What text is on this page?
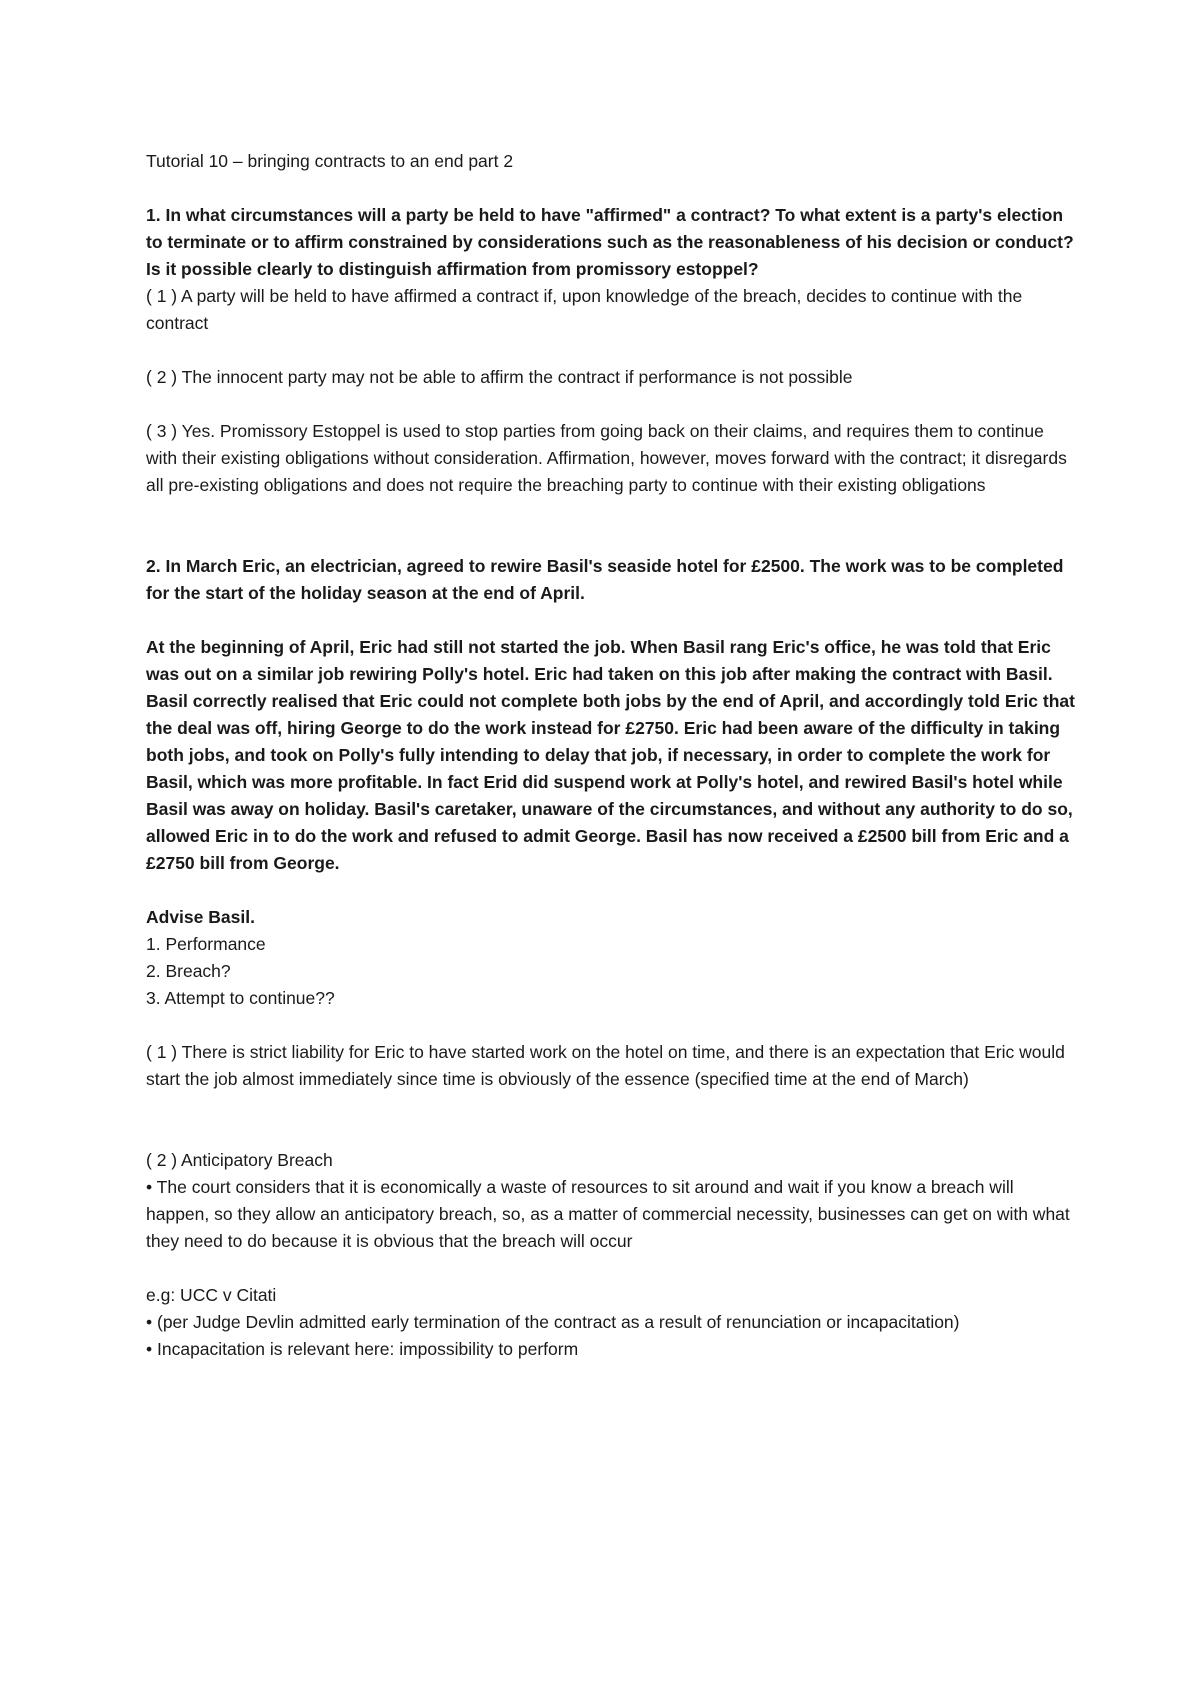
Tutorial 10 – bringing contracts to an end part 2

1. In what circumstances will a party be held to have "affirmed" a contract? To what extent is a party's election to terminate or to affirm constrained by considerations such as the reasonableness of his decision or conduct? Is it possible clearly to distinguish affirmation from promissory estoppel?

( 1 ) A party will be held to have affirmed a contract if, upon knowledge of the breach, decides to continue with the contract

( 2 ) The innocent party may not be able to affirm the contract if performance is not possible

( 3 ) Yes. Promissory Estoppel is used to stop parties from going back on their claims, and requires them to continue with their existing obligations without consideration. Affirmation, however, moves forward with the contract; it disregards all pre-existing obligations and does not require the breaching party to continue with their existing obligations

2. In March Eric, an electrician, agreed to rewire Basil's seaside hotel for £2500. The work was to be completed for the start of the holiday season at the end of April.

At the beginning of April, Eric had still not started the job. When Basil rang Eric's office, he was told that Eric was out on a similar job rewiring Polly's hotel. Eric had taken on this job after making the contract with Basil. Basil correctly realised that Eric could not complete both jobs by the end of April, and accordingly told Eric that the deal was off, hiring George to do the work instead for £2750. Eric had been aware of the difficulty in taking both jobs, and took on Polly's fully intending to delay that job, if necessary, in order to complete the work for Basil, which was more profitable. In fact Erid did suspend work at Polly's hotel, and rewired Basil's hotel while Basil was away on holiday. Basil's caretaker, unaware of the circumstances, and without any authority to do so, allowed Eric in to do the work and refused to admit George. Basil has now received a £2500 bill from Eric and a £2750 bill from George.

Advise Basil.

1. Performance

2. Breach?

3. Attempt to continue??

( 1 ) There is strict liability for Eric to have started work on the hotel on time, and there is an expectation that Eric would start the job almost immediately since time is obviously of the essence (specified time at the end of March)

( 2 ) Anticipatory Breach

• The court considers that it is economically a waste of resources to sit around and wait if you know a breach will happen, so they allow an anticipatory breach, so, as a matter of commercial necessity, businesses can get on with what they need to do because it is obvious that the breach will occur

e.g: UCC v Citati

• (per Judge Devlin admitted early termination of the contract as a result of renunciation or incapacitation)

• Incapacitation is relevant here: impossibility to perform
